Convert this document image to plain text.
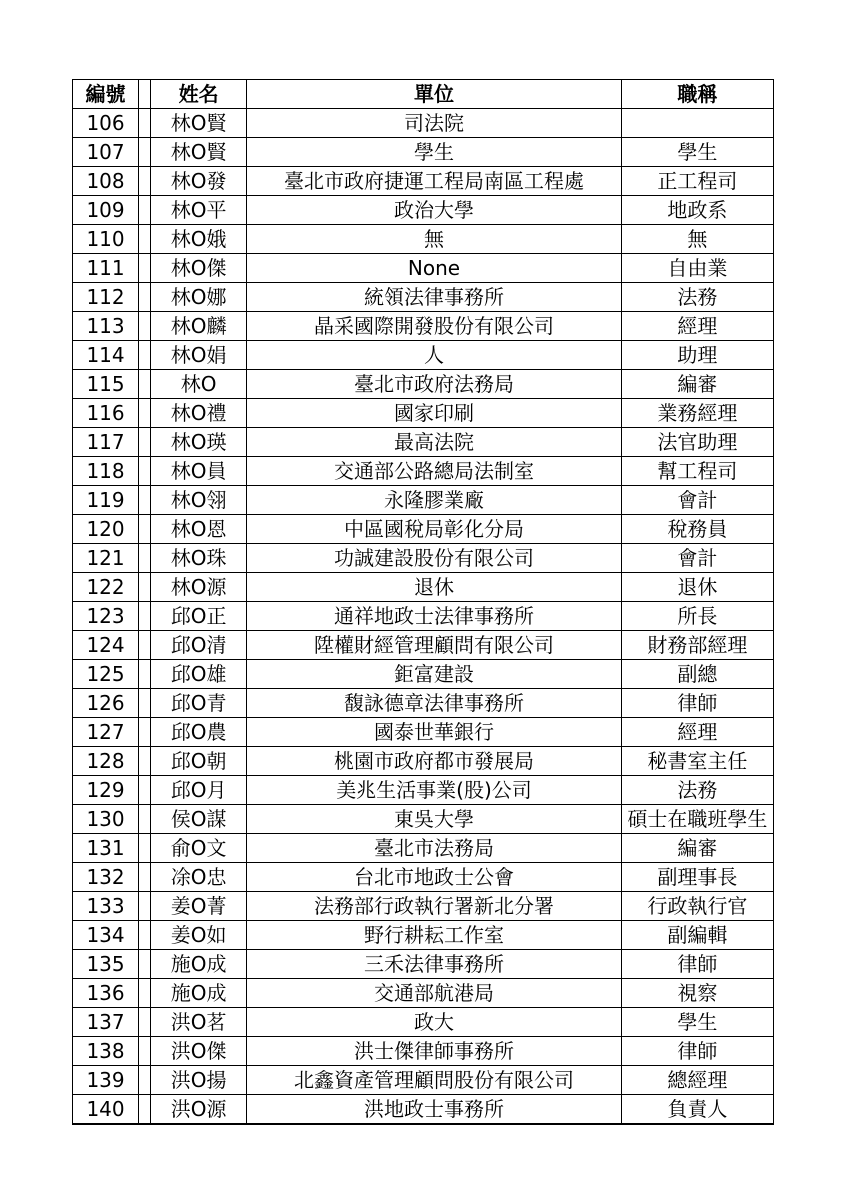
編號		姓名	單位	職稱
106		林O賢	司法院	
107		林O賢	學生	學生
108		林O發	臺北市政府捷運工程局南區工程處	正工程司
109		林O平	政治大學	地政系
110		林O娥	無	無
111		林O傑	None	自由業
112		林O娜	統領法律事務所	法務
113		林O麟	晶采國際開發股份有限公司	經理
114		林O娟	人	助理
115		林O	臺北市政府法務局	編審
116		林O禮	國家印刷	業務經理
117		林O瑛	最高法院	法官助理
118		林O員	交通部公路總局法制室	幫工程司
119		林O翎	永隆膠業廠	會計
120		林O恩	中區國稅局彰化分局	稅務員
121		林O珠	功誠建設股份有限公司	會計
122		林O源	退休	退休
123		邱O正	通祥地政士法律事務所	所長
124		邱O清	陞權財經管理顧問有限公司	財務部經理
125		邱O雄	鉅富建設	副總
126		邱O青	馥詠德章法律事務所	律師
127		邱O農	國泰世華銀行	經理
128		邱O朝	桃園市政府都市發展局	秘書室主任
129		邱O月	美兆生活事業(股)公司	法務
130		侯O謀	東吳大學	碩士在職班學生
131		俞O文	臺北市法務局	編審
132		凃O忠	台北市地政士公會	副理事長
133		姜O菁	法務部行政執行署新北分署	行政執行官
134		姜O如	野行耕耘工作室	副編輯
135		施O成	三禾法律事務所	律師
136		施O成	交通部航港局	視察
137		洪O茗	政大	學生
138		洪O傑	洪士傑律師事務所	律師
139		洪O揚	北鑫資產管理顧問股份有限公司	總經理
140		洪O源	洪地政士事務所	負責人
